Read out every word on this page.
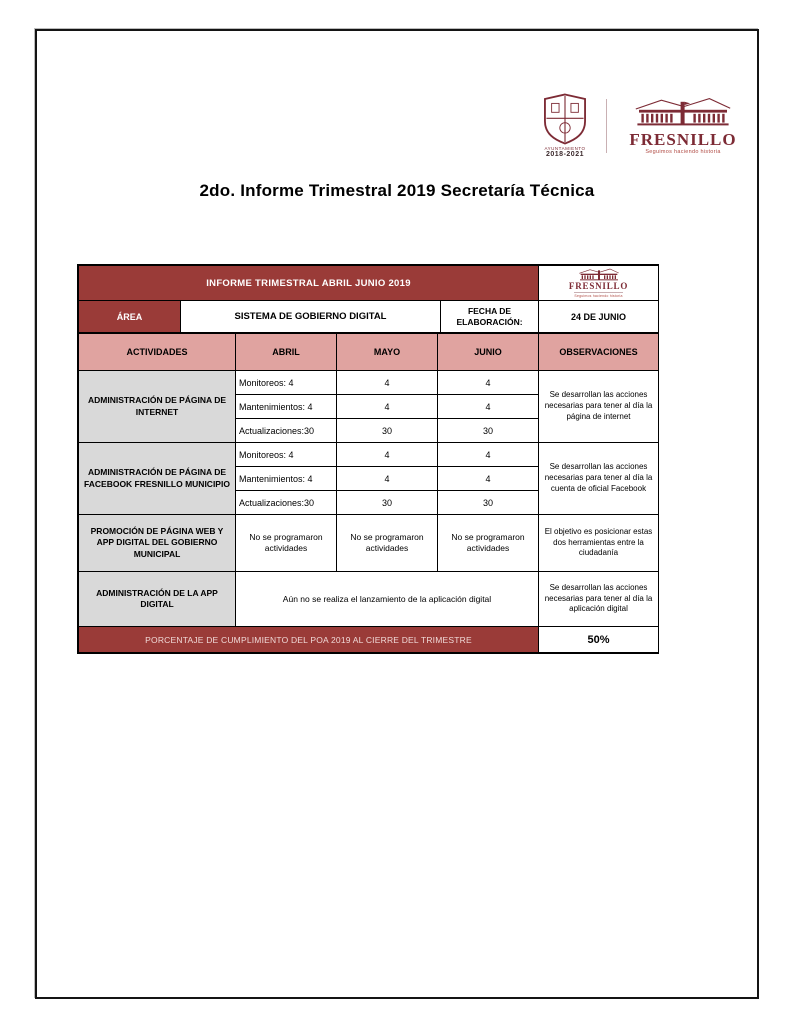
AYUNTAMIENTO
2018-2021
FRESNILLO
Seguimos haciendo historia
2do. Informe Trimestral 2019 Secretaría Técnica
INFORME TRIMESTRAL ABRIL JUNIO 2019			FRESNILLO
Seguimos haciendo historia

ÁREA	SISTEMA DE GOBIERNO DIGITAL	FECHA DE ELABORACIÓN:	24 DE JUNIO
ACTIVIDADES	ABRIL	MAYO	JUNIO	OBSERVACIONES
ADMINISTRACIÓN DE PÁGINA DE INTERNET	Monitoreos: 4	4	4	Se desarrollan las acciones necesarias para tener al día la página de internet
	Mantenimientos: 4	4	4	
	Actualizaciones:30	30	30	
ADMINISTRACIÓN DE PÁGINA DE FACEBOOK FRESNILLO MUNICIPIO	Monitoreos: 4	4	4	Se desarrollan las acciones necesarias para tener al día la cuenta de oficial Facebook
	Mantenimientos: 4	4	4	
	Actualizaciones:30	30	30	
PROMOCIÓN DE PÁGINA WEB Y APP DIGITAL DEL GOBIERNO MUNICIPAL	No se programaron actividades	No se programaron actividades	No se programaron actividades	El objetivo es posicionar estas dos herramientas entre la ciudadanía
ADMINISTRACIÓN DE LA APP DIGITAL	Aún no se realiza el lanzamiento de la aplicación digital			Se desarrollan las acciones necesarias para tener al día la aplicación digital
PORCENTAJE DE CUMPLIMIENTO DEL POA 2019 AL CIERRE DEL TRIMESTRE				50%
